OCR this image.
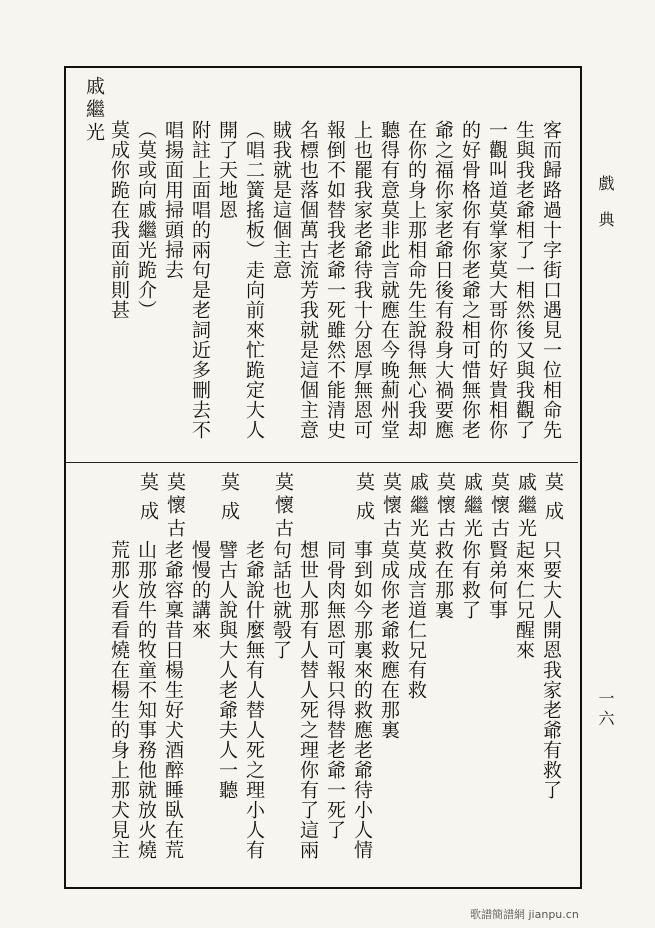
戲典
一六
客而歸路過十字街口遇見一位相命先
生與我老爺相了一相然後又與我觀了
一觀叫道莫掌家莫大哥你的好貴相你
的好骨格你有你老爺之相可惜無你老
爺之福你家老爺日後有殺身大禍要應
在你的身上那相命先生說得無心我却
聽得有意莫非此言就應在今晚薊州堂
上也罷我家老爺待我十分恩厚無恩可
報倒不如替我老爺一死雖然不能清史
名標也落個萬古流芳我就是這個主意
賊我就是這個主意
（唱二簧搖板）走向前來忙跪定大人
開了天地恩
附註上面唱的兩句是老詞近多刪去不
唱揚面用掃頭掃去
（莫或向戚繼光跪介）
莫成你跪在我面前則甚
戚繼光
莫成
戚繼光
莫懷古
戚繼光
莫懷古
戚繼光
莫懷古
莫成
莫懷古
莫成
莫懷古
莫成
只要大人開恩我家老爺有救了
起來仁兄醒來
賢弟何事
你有救了
救在那裏
莫成言道仁兄有救
莫成你老爺救應在那裏
事到如今那裏來的救應老爺待小人情
同骨肉無恩可報只得替老爺一死了
想世人那有人替人死之理你有了這兩
句話也就彀了
老爺說什麼無有人替人死之理小人有
譬古人說與大人老爺夫人一聽
慢慢的講來
老爺容稟昔日楊生好犬酒醉睡臥在荒
山那放牛的牧童不知事務他就放火燒
荒那火看看燒在楊生的身上那犬見主
歌譜簡譜網 jianpu.cn
